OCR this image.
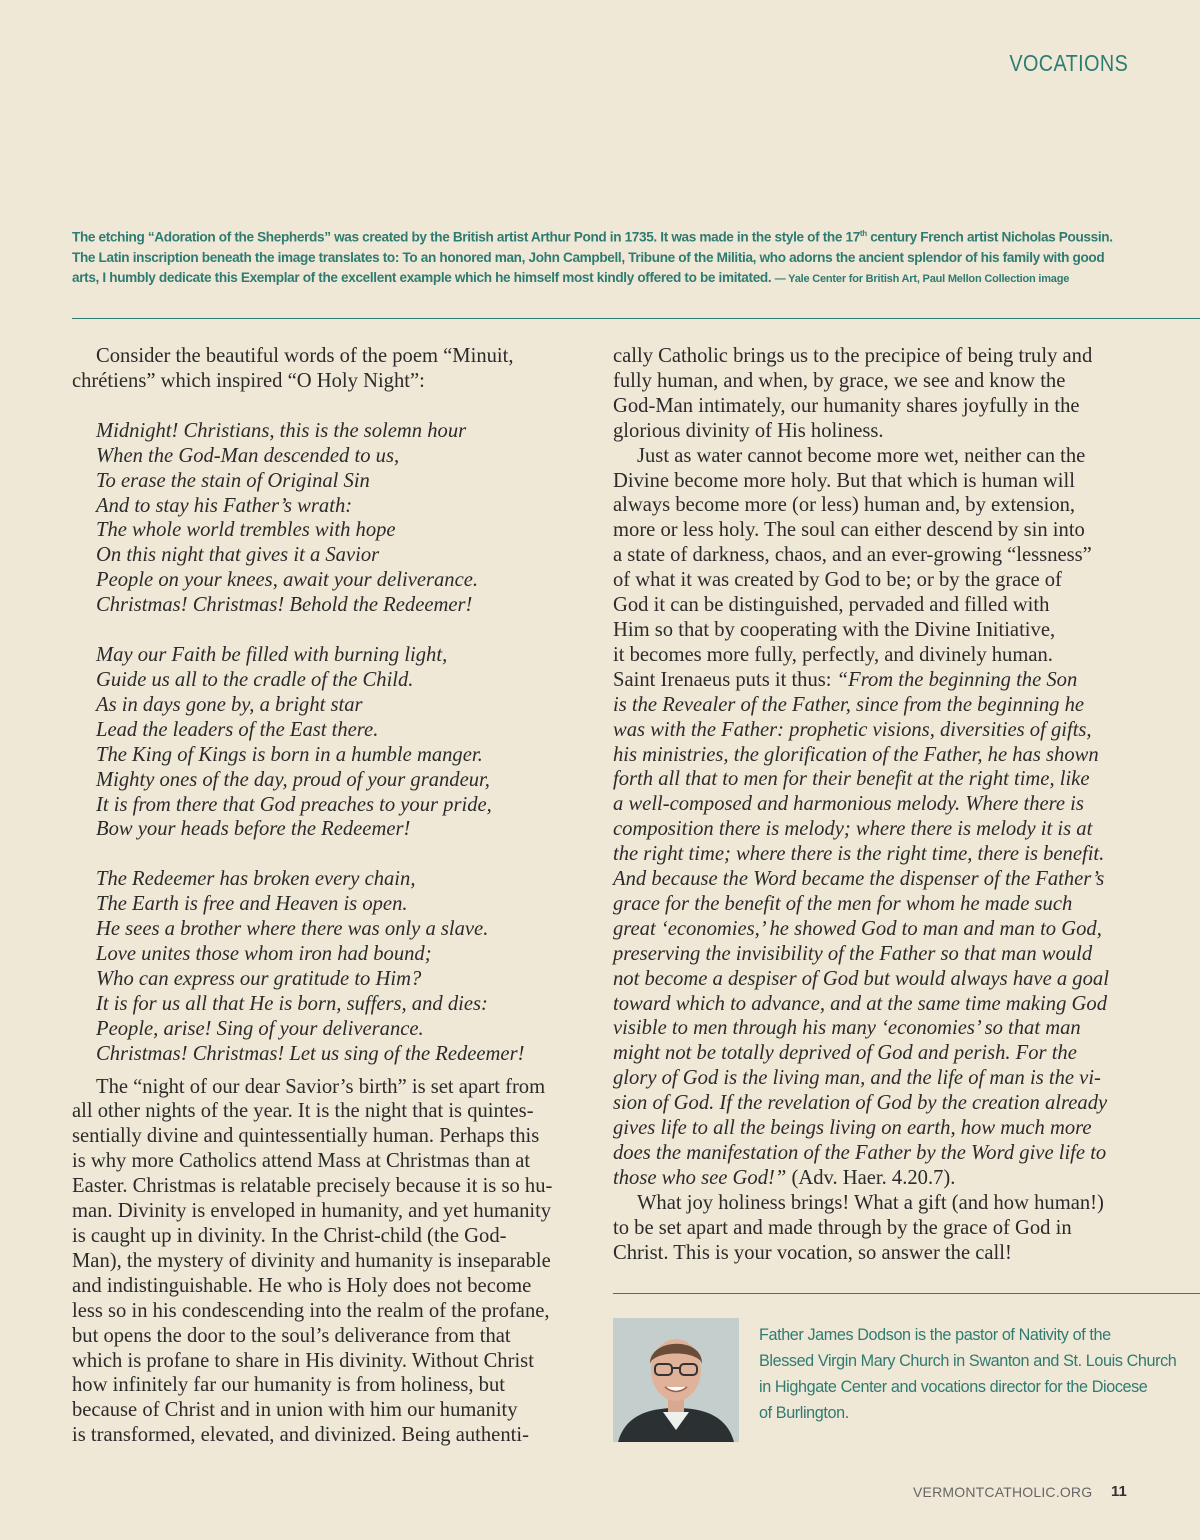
VOCATIONS

The etching “Adoration of the Shepherds” was created by the British artist Arthur Pond in 1735. It was made in the style of the 17th century French artist Nicholas Poussin. The Latin inscription beneath the image translates to: To an honored man, John Campbell, Tribune of the Militia, who adorns the ancient splendor of his family with good arts, I humbly dedicate this Exemplar of the excellent example which he himself most kindly offered to be imitated. — Yale Center for British Art, Paul Mellon Collection image

Consider the beautiful words of the poem “Minuit,
chrétiens” which inspired “O Holy Night”:

Midnight! Christians, this is the solemn hour
When the God-Man descended to us,
To erase the stain of Original Sin
And to stay his Father’s wrath:
The whole world trembles with hope
On this night that gives it a Savior
People on your knees, await your deliverance.
Christmas! Christmas! Behold the Redeemer!
May our Faith be filled with burning light,
Guide us all to the cradle of the Child.
As in days gone by, a bright star
Lead the leaders of the East there.
The King of Kings is born in a humble manger.
Mighty ones of the day, proud of your grandeur,
It is from there that God preaches to your pride,
Bow your heads before the Redeemer!
The Redeemer has broken every chain,
The Earth is free and Heaven is open.
He sees a brother where there was only a slave.
Love unites those whom iron had bound;
Who can express our gratitude to Him?
It is for us all that He is born, suffers, and dies:
People, arise! Sing of your deliverance.
Christmas! Christmas! Let us sing of the Redeemer!

The “night of our dear Savior’s birth” is set apart from
all other nights of the year. It is the night that is quintes-
sentially divine and quintessentially human. Perhaps this
is why more Catholics attend Mass at Christmas than at
Easter. Christmas is relatable precisely because it is so hu-
man. Divinity is enveloped in humanity, and yet humanity
is caught up in divinity. In the Christ-child (the God-
Man), the mystery of divinity and humanity is inseparable
and indistinguishable. He who is Holy does not become
less so in his condescending into the realm of the profane,
but opens the door to the soul’s deliverance from that
which is profane to share in His divinity. Without Christ
how infinitely far our humanity is from holiness, but
because of Christ and in union with him our humanity
is transformed, elevated, and divinized. Being authenti-

cally Catholic brings us to the precipice of being truly and
fully human, and when, by grace, we see and know the
God-Man intimately, our humanity shares joyfully in the
glorious divinity of His holiness.

Just as water cannot become more wet, neither can the
Divine become more holy. But that which is human will
always become more (or less) human and, by extension,
more or less holy. The soul can either descend by sin into
a state of darkness, chaos, and an ever-growing “lessness”
of what it was created by God to be; or by the grace of
God it can be distinguished, pervaded and filled with
Him so that by cooperating with the Divine Initiative,
it becomes more fully, perfectly, and divinely human.
Saint Irenaeus puts it thus: “From the beginning the Son
is the Revealer of the Father, since from the beginning he
was with the Father: prophetic visions, diversities of gifts,
his ministries, the glorification of the Father, he has shown
forth all that to men for their benefit at the right time, like
a well-composed and harmonious melody. Where there is
composition there is melody; where there is melody it is at
the right time; where there is the right time, there is benefit.
And because the Word became the dispenser of the Father’s
grace for the benefit of the men for whom he made such
great ‘economies,’ he showed God to man and man to God,
preserving the invisibility of the Father so that man would
not become a despiser of God but would always have a goal
toward which to advance, and at the same time making God
visible to men through his many ‘economies’ so that man
might not be totally deprived of God and perish. For the
glory of God is the living man, and the life of man is the vi-
sion of God. If the revelation of God by the creation already
gives life to all the beings living on earth, how much more
does the manifestation of the Father by the Word give life to
those who see God!” (Adv. Haer. 4.20.7).

What joy holiness brings! What a gift (and how human!)
to be set apart and made through by the grace of God in
Christ. This is your vocation, so answer the call!

Father James Dodson is the pastor of Nativity of the
Blessed Virgin Mary Church in Swanton and St. Louis Church
in Highgate Center and vocations director for the Diocese
of Burlington.

VERMONTCATHOLIC.ORG 11
